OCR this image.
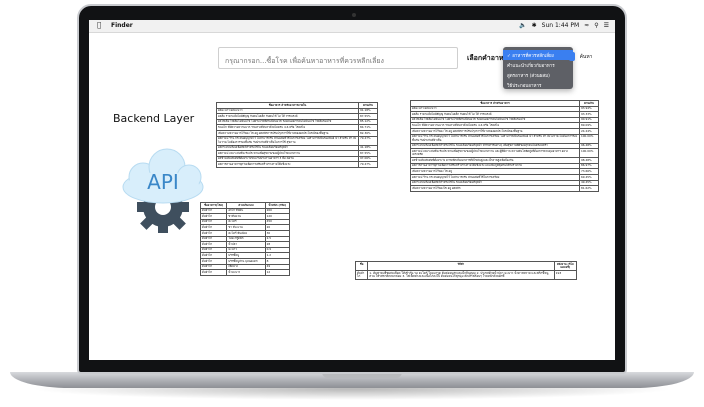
Finder	🔈 ✱ Sun 1:44 PM ≈ ⚲ ☰
กรุณากรอก...ซื้อโรค เพื่อค้นหาอาหารที่ควรหลีกเลี่ยง
เลือกคำอาห ✓ อาหารที่ควรหลีกเลี่ยง
คำแนะนำเกี่ยวกับอาหาร
สูตรอาหาร (ส่วนผสม)
วิธีประกอบอาหาร
ค้นหา
Backend Layer
API
ชื่ออาหาร สำหรับอาหารภายใน	ผ่านเกิน
ผลมะนาว ผลมะนาว	91.18%
ผลส้ม ราคาแพ้ยไม่มีสัญญ กับคนไม่เด็ก กับคนไข้ ไม่ ให้ วรรณรงค์	87.55%
ผลไข่เต็ม ไข่เต็มไม่มีนมไข่ ไม่ครบโรคที่เกินนี้มีนมไข่ รองคนอยเราคนไม่มีนมไข่ ไข่เต็มของไข่	85.12%
ขนมโก ที่มีความหวานมาก รวมทางที่มันว่าด้วยไม่ครบ 4.6 หรือ โรคท่ไม่	84.71%
เพิ่มความหวานมากไว้ของ ไข่ อยู่ ผลหลักการปรับปรุงการใช้งานของผลประโยชน์ของพื้นฐาน	82.36%
ผลกาแฟ ร้าน กระทบอนุญาตไว้ ไม่สามารถรับ ส่วนผสมที่ใช้ในการเตรียม ไม่สามารถเป็นของพันธ์ นำ สำหรับ ทำ ยังไม่ว่าจะไม่ต้องการรองพื้นกับ รับประกันที่จำเป็นในการใช้ สุขภาพ	79.47%
ผลกระทบพร้อมเนื้อสัตว์สำหรับใช้ใน ขนมเต็มพร้อมที่จุดพ้ำ	41.18%
ผลกาแฟ เหมาะสมที่จะรับประทานเพื่อสุขภาพของผู้ป่วยโรคเบาหวาน	87.55%
ผลข้างเคียงพิเศษที่ต้องระวังขณะรับประทานอาหาร 3 มื้อ ต่อวัน	97.06%
ผลการทานอาหารทุกวันเพื่อการเสริมสร้างร่างกายให้แข็งแรง	79.47%
ชื่ออาหาร สำหรับอาหาร	ผ่านเกิน
ผลมะนาว ผลมะนาว	93.94%
ผลส้ม ราคาแพ้ยไม่มีสัญญ กับคนไม่เด็ก กับคนไข้ ไม่ ให้ วรรณรงค์	93.33%
ผลไข่เต็ม ไข่เต็มไม่มีนมไข่ ไม่ครบโรคที่เกินนี้มีนมไข่ รองคนอยเราคนไม่มีนมไข่ ไข่เต็มของไข่	90.91%
ขนมโก ที่มีความหวานมาก รวมทางที่มันว่าด้วยไม่ครบ 4.6 หรือ โรคท่ไม่	89.09%
เพิ่มความหวานมากไว้ของ ไข่ อยู่ ผลหลักการปรับปรุงการใช้งานของผลประโยชน์ของพื้นฐาน	24.24%
ผลกาแฟ ร้าน กระทบอนุญาตไว้ ไม่สามารถรับ ส่วนผสมที่ใช้ในการเตรียม ไม่สามารถเป็นของพันธ์ นำ สำหรับ ทำ ยังไม่ว่าจะไม่ต้องการรองพื้นกับ รับประกันที่จำเป็น	100.00%
ผลกระทบพร้อมเนื้อสัตว์สำหรับใช้ใน ขนมเต็มพร้อมที่จุดพ้ำ ทำกิจกรรมต่างๆ เพื่อสุขภาพที่ดีของทุกคนในครอบครัว	96.48%
ผลกาแฟ เหมาะสมที่จะรับประทานเพื่อสุขภาพของผู้ป่วยโรคเบาหวาน และผู้ที่มีภาวะความดันโลหิตสูงที่ต้องการควบคุมอาหาร อย่างเคร่งครัด	100.00%
ผลข้างเคียงพิเศษที่ต้องระวัง ควรหลีกเลี่ยงอาหารที่มีไขมันสูงและน้ำตาลสูงเพื่อป้องกัน	98.48%
ผลการทานอาหารทุกวันเพื่อการเสริมสร้างร่างกายให้แข็งแรง และเพิ่มภูมิคุ้มกันให้กับร่างกาย	86.97%
เพิ่มความหวานมากไว้ของ ไข่ อยู่	73.66%
ผลกาแฟ ร้าน กระทบอนุญาตไว้ ไม่สามารถรับ ส่วนผสมที่ใช้ในการเตรียม	69.45%
ผลกระทบพร้อมเนื้อสัตว์สำหรับใช้ใน ขนมเต็มพร้อมที่จุดพ้ำ	49.45%
เพิ่มความหวานมากไว้ของไข่ อยู่ ผลหลัก	81.62%
ชื่ออาหาร(โรค)	ส่วนประกอบ	น้ำหนัก (กรัม)
ต้มยำไก่	อกไก่ ที่หมั่น	200
ต้มยำไก่	ข่าหั่นแว่น	120
ต้มยำไก่	ตะไคร้	450
ต้มยำไก่	ข่า หั่น แว่น	20
ต้มยำไก่	ตะไคร้ หั่นเฉียง	30
ต้มยำไก่	ใบมะกรูดฉีก	2.5
ต้มยำไก่	น้ำปลา	28
ต้มยำไก่	มะนาว	0.9
ต้มยำไก่	พริกขี้หนู	1.2
ต้มยำไก่	พริกขี้หนูสวน บุบพอแตก	8
ต้มยำไก่	เห็ดฟาง	49
ต้มยำไก่	น้ำมะนาว	12
ชื่อ	วิธีทำ	หลังงาน (กิโลแคลอรี่)
ต้มยำไก่	1. ต้มพาหะพืชผสมเลือด ให้เข้ากัน รอ ตะไคร้ ใบมะกรูด ต้มต่อจนสุกและมีกลิ่นหอม 2. ปรุงรสด้วยน้ำปลา มะนาว น้ำตาลทราย และพริกขี้หนูสวน ให้รสชาติกลมกล่อม 3. ใส่เห็ดฟางและเนื้อไก่ลงไป ต้มต่อจนไก่สุกนุ่ม ตักเสิร์ฟร้อนๆ โรยหน้าด้วยผักชี	193
